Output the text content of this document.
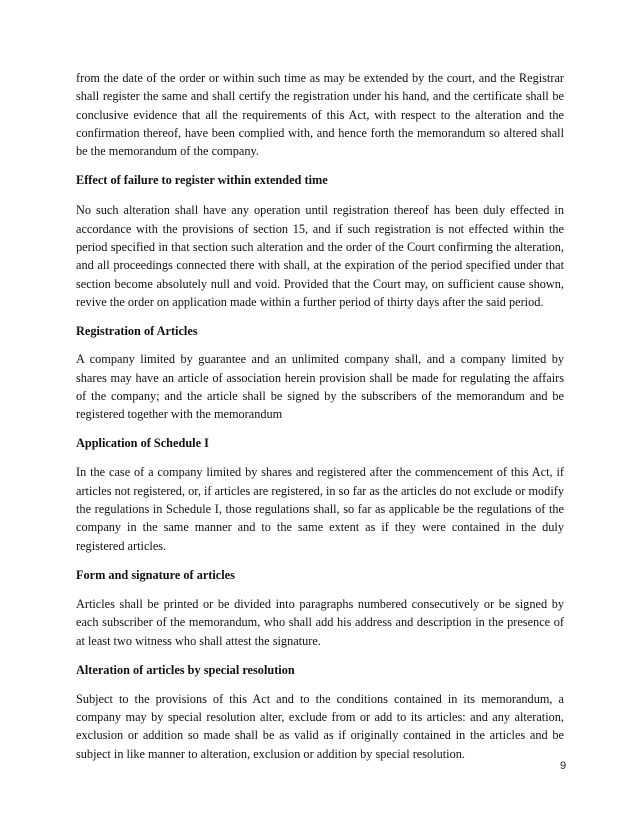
from the date of the order or within such time as may be extended by the court, and the Registrar shall register the same and shall certify the registration under his hand, and the certificate shall be conclusive evidence that all the requirements of this Act, with respect to the alteration and the confirmation thereof, have been complied with, and hence forth the memorandum so altered shall be the memorandum of the company.

Effect of failure to register within extended time

No such alteration shall have any operation until registration thereof has been duly effected in accordance with the provisions of section 15, and if such registration is not effected within the period specified in that section such alteration and the order of the Court confirming the alteration, and all proceedings connected there with shall, at the expiration of the period specified under that section become absolutely null and void. Provided that the Court may, on sufficient cause shown, revive the order on application made within a further period of thirty days after the said period.

Registration of Articles

A company limited by guarantee and an unlimited company shall, and a company limited by shares may have an article of association herein provision shall be made for regulating the affairs of the company; and the article shall be signed by the subscribers of the memorandum and be registered together with the memorandum

Application of Schedule I

In the case of a company limited by shares and registered after the commencement of this Act, if articles not registered, or, if articles are registered, in so far as the articles do not exclude or modify the regulations in Schedule I, those regulations shall, so far as applicable be the regulations of the company in the same manner and to the same extent as if they were contained in the duly registered articles.

Form and signature of articles

Articles shall be printed or be divided into paragraphs numbered consecutively or be signed by each subscriber of the memorandum, who shall add his address and description in the presence of at least two witness who shall attest the signature.

Alteration of articles by special resolution

Subject to the provisions of this Act and to the conditions contained in its memorandum, a company may by special resolution alter, exclude from or add to its articles: and any alteration, exclusion or addition so made shall be as valid as if originally contained in the articles and be subject in like manner to alteration, exclusion or addition by special resolution.

9
